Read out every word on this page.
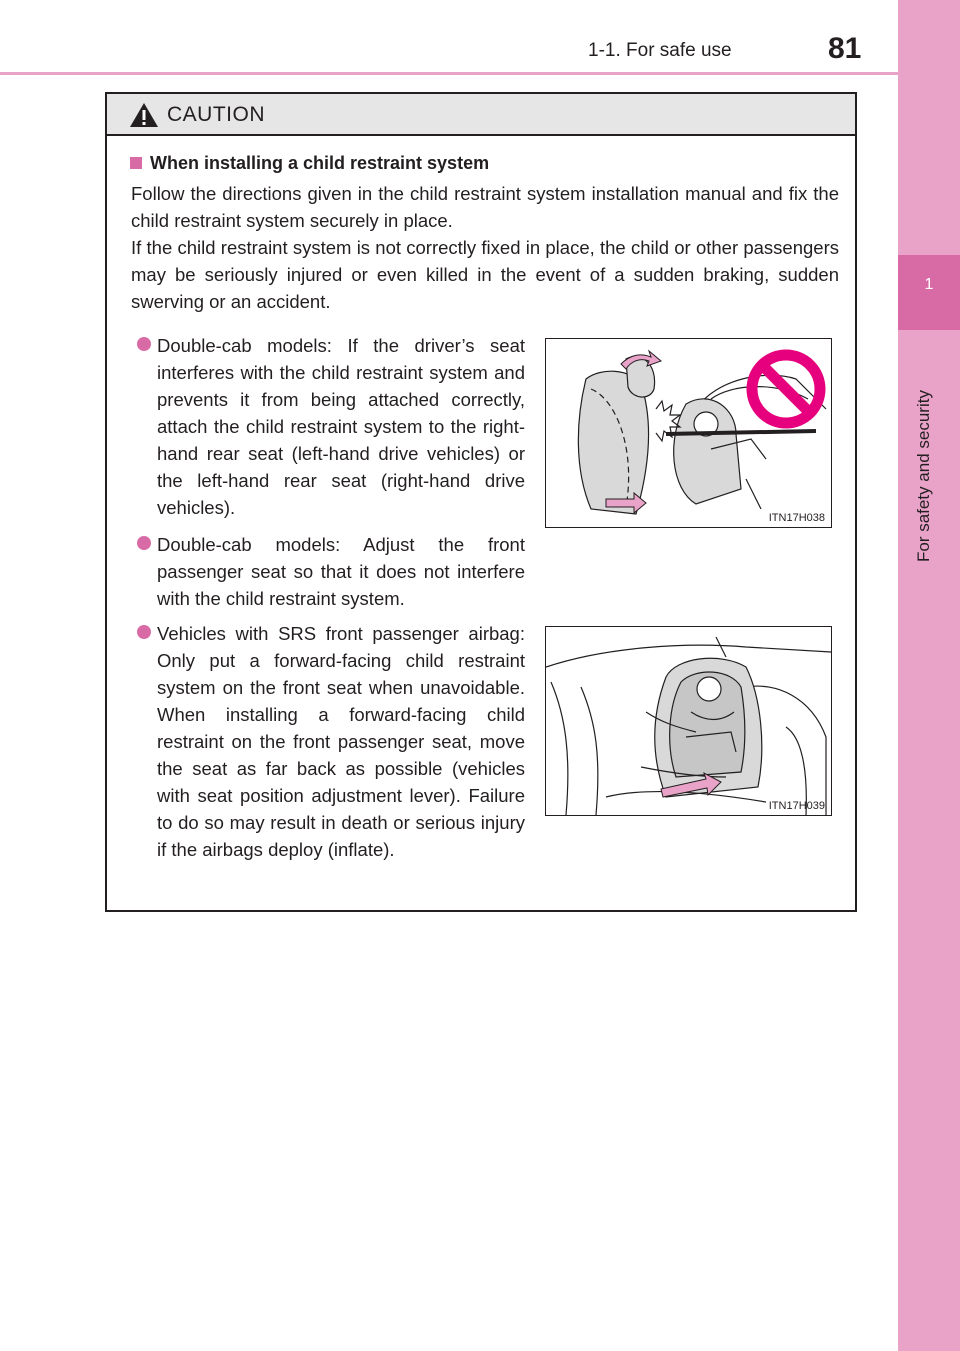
1-1. For safe use	81
1
For safety and security
CAUTION
When installing a child restraint system
Follow the directions given in the child restraint system installation manual and fix the child restraint system securely in place.
If the child restraint system is not correctly fixed in place, the child or other passengers may be seriously injured or even killed in the event of a sudden braking, sudden swerving or an accident.
Double-cab models: If the driver’s seat interferes with the child restraint system and prevents it from being attached correctly, attach the child restraint system to the right-hand rear seat (left-hand drive vehicles) or the left-hand rear seat (right-hand drive vehicles).
Double-cab models: Adjust the front passenger seat so that it does not interfere with the child restraint system.
Vehicles with SRS front passenger airbag: Only put a forward-facing child restraint system on the front seat when unavoidable. When installing a forward-facing child restraint on the front passenger seat, move the seat as far back as possible (vehicles with seat position adjustment lever). Failure to do so may result in death or serious injury if the airbags deploy (inflate).
ITN17H038
ITN17H039
